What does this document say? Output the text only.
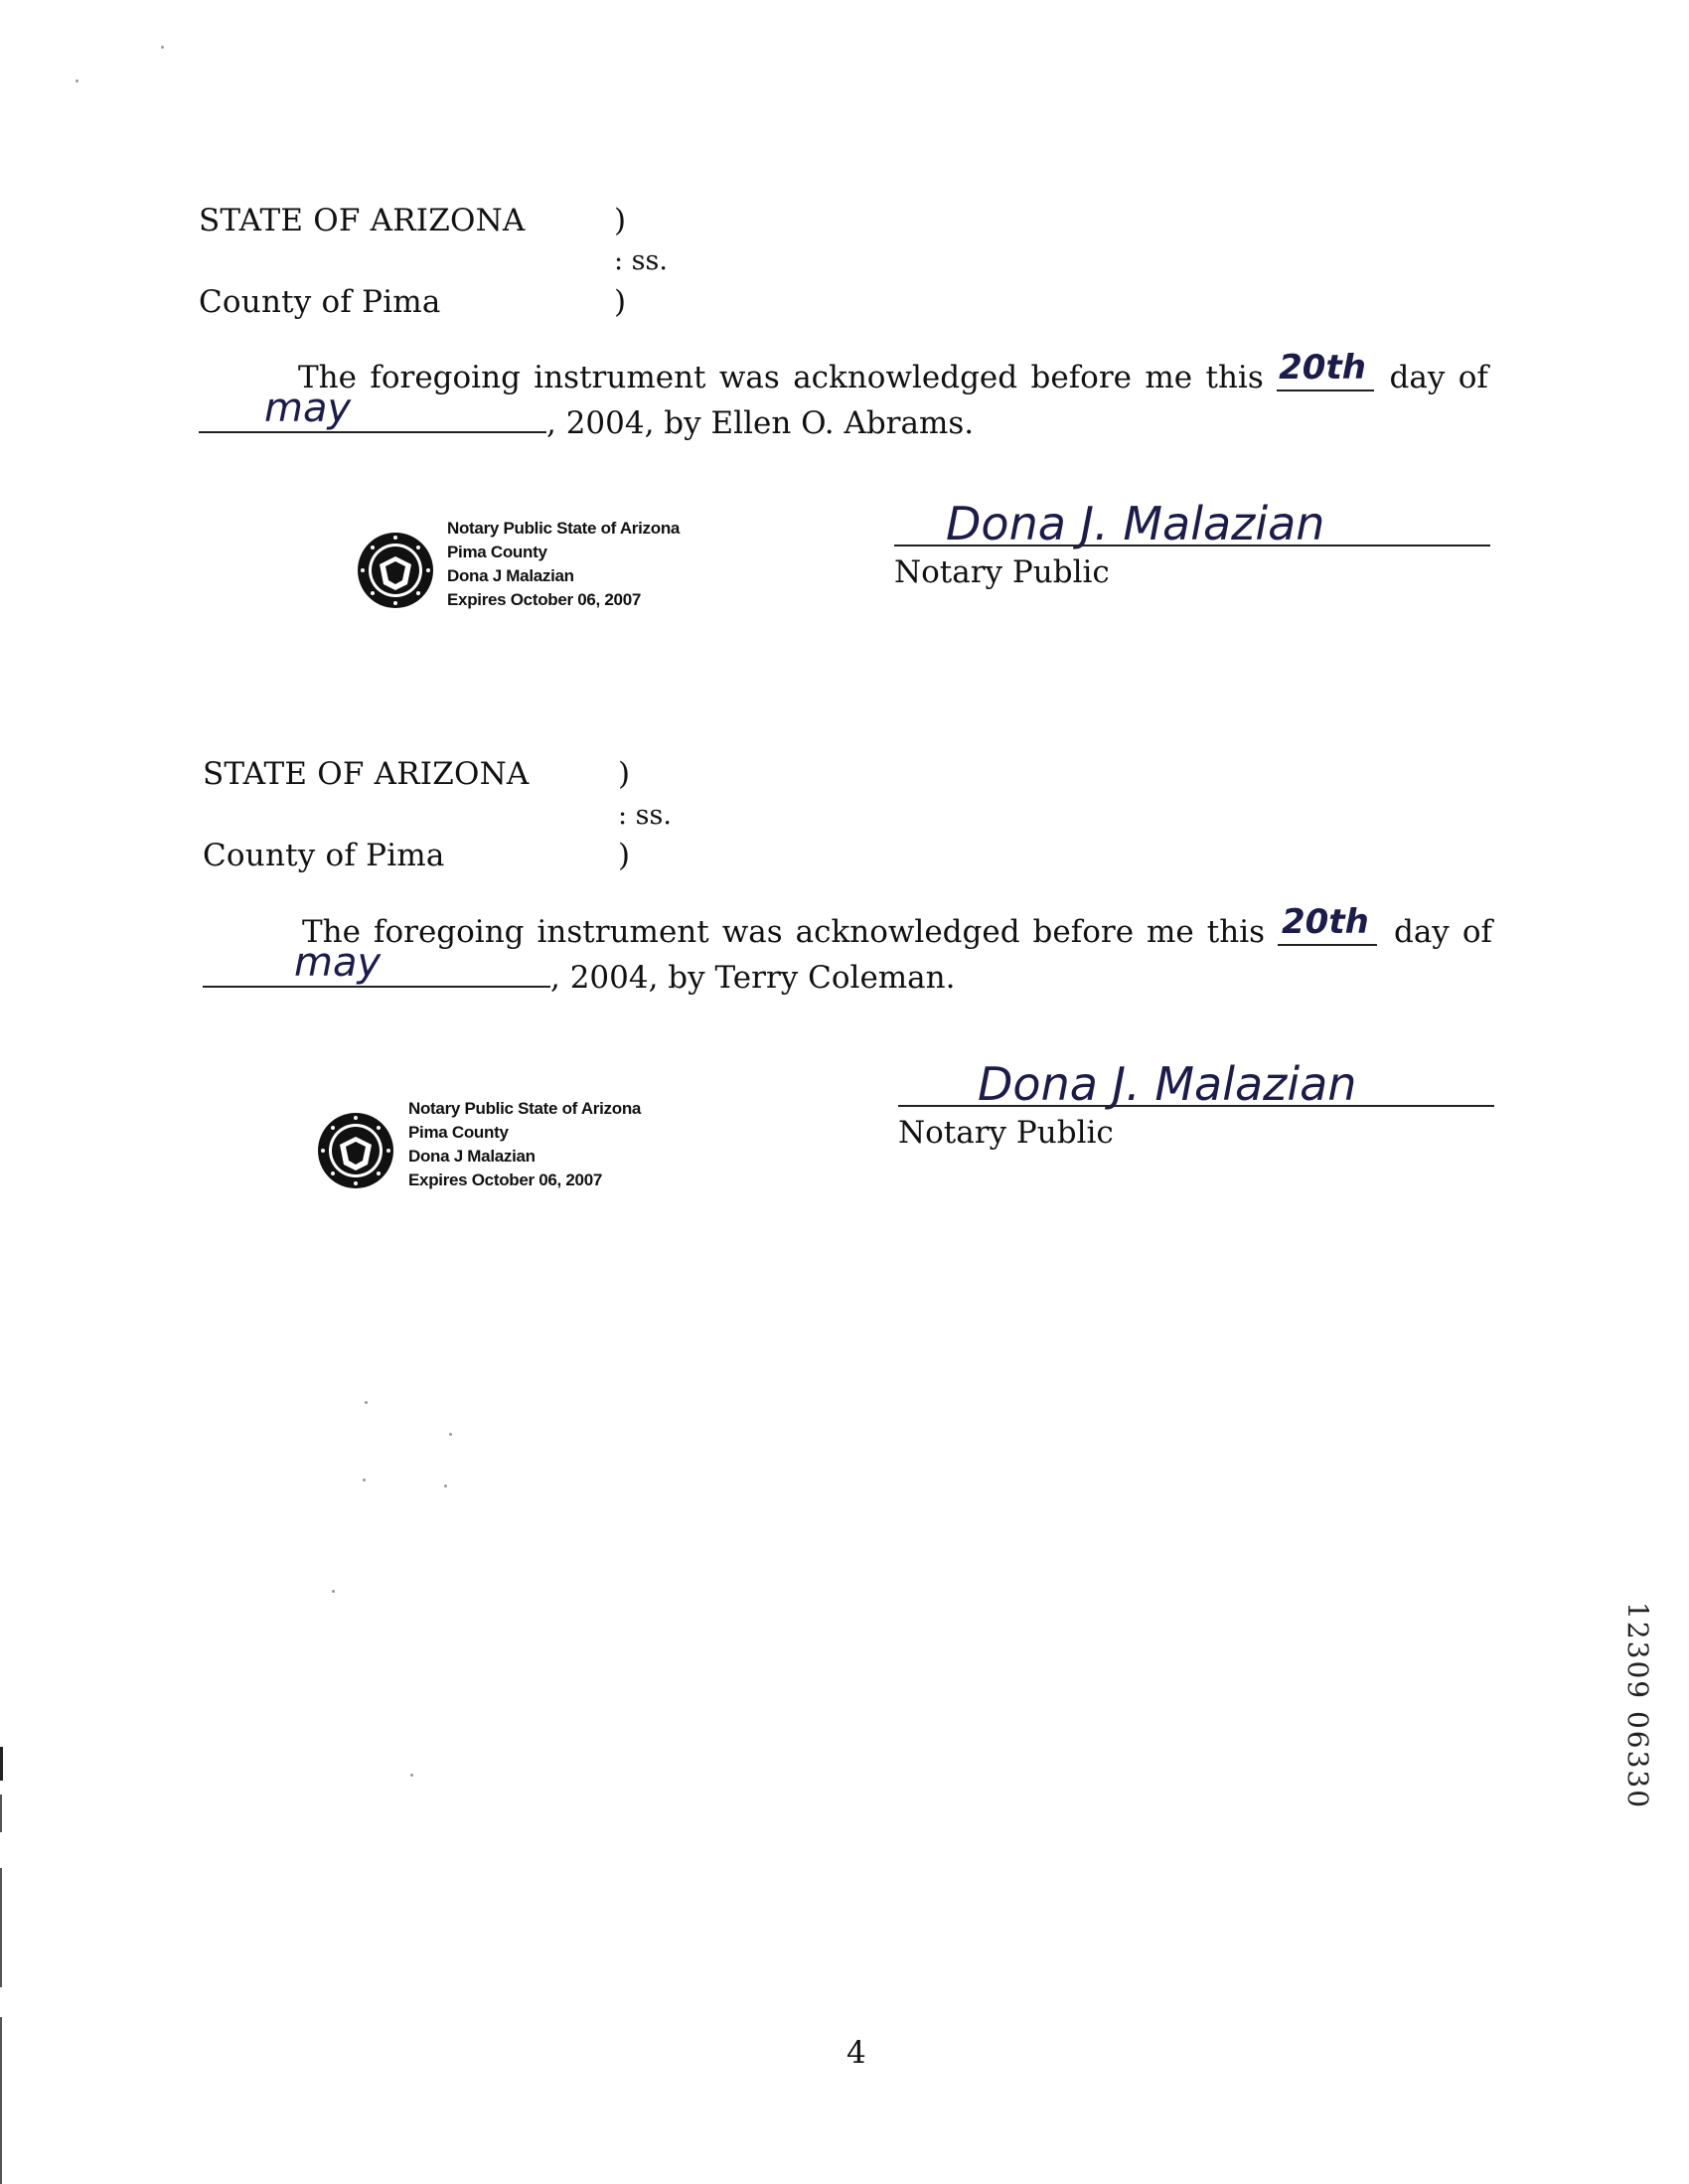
STATE OF ARIZONA	)
: ss.
County of Pima	)
The foregoing instrument was acknowledged before me this 20th day of
may	, 2004, by Ellen O. Abrams.
Notary Public State of Arizona
Pima County
Dona J Malazian
Expires October 06, 2007
Dona J. Malazian
Notary Public
STATE OF ARIZONA	)
: ss.
County of Pima	)
The foregoing instrument was acknowledged before me this 20th day of
may	, 2004, by Terry Coleman.
Notary Public State of Arizona
Pima County
Dona J Malazian
Expires October 06, 2007
Dona J. Malazian
Notary Public
12309 06330
4
